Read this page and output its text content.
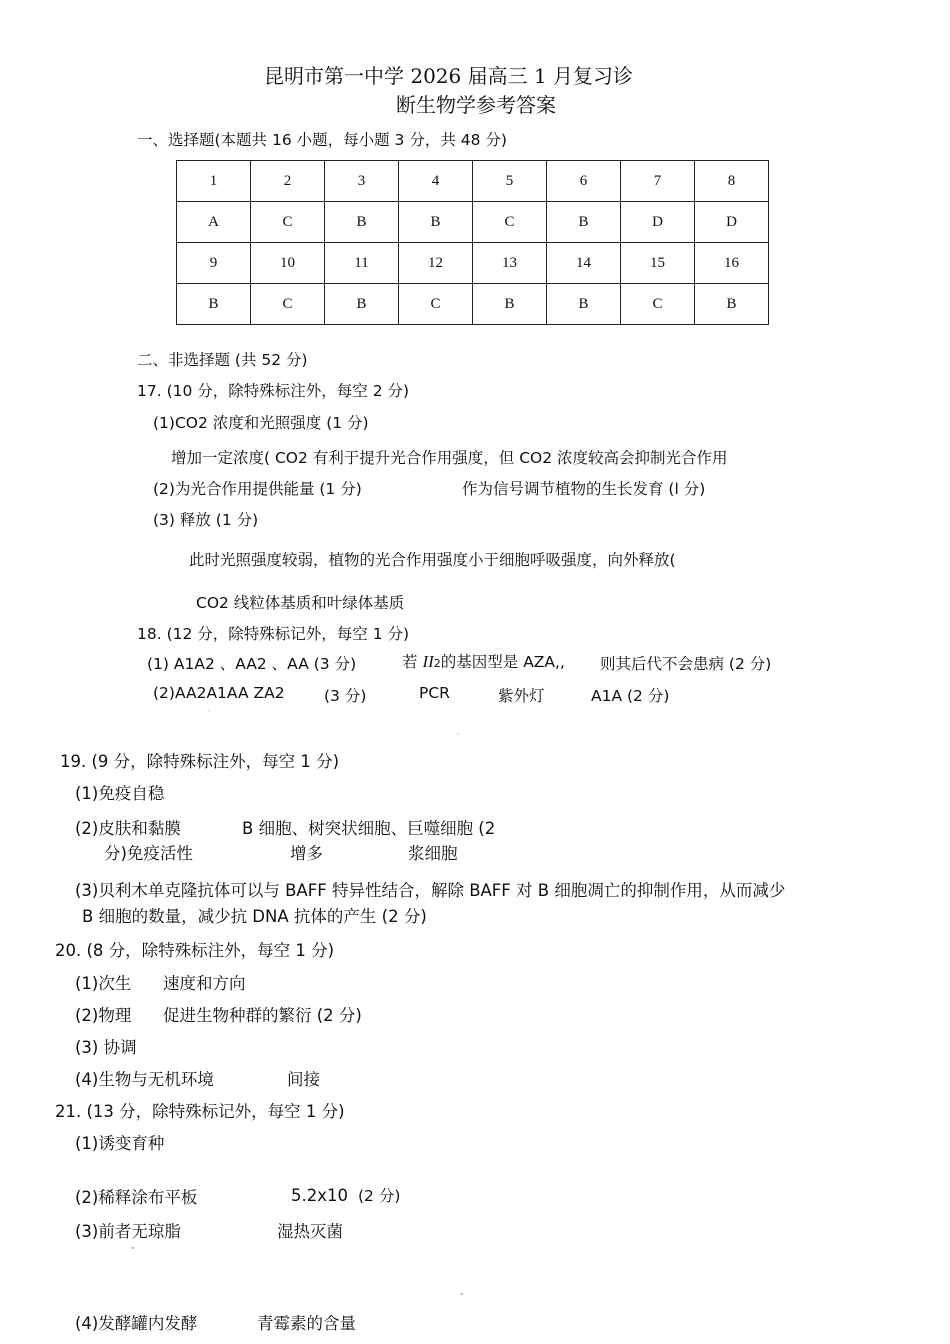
昆明市第一中学 2026 届高三 1 月复习诊
断生物学参考答案
一、选择题(本题共 16 小题，每小题 3 分，共 48 分)
1	2	3	4	5	6	7	8
A	C	B	B	C	B	D	D
9	10	11	12	13	14	15	16
B	C	B	C	B	B	C	B
二、非选择题 (共 52 分)
17. (10 分，除特殊标注外，每空 2 分)
(1)CO2 浓度和光照强度 (1 分)
增加一定浓度( CO2 有利于提升光合作用强度，但 CO2 浓度较高会抑制光合作用
(2)为光合作用提供能量 (1 分)	作为信号调节植物的生长发育 (l 分)
(3) 释放 (1 分)
此时光照强度较弱，植物的光合作用强度小于细胞呼吸强度，向外释放(
CO2 线粒体基质和叶绿体基质
18. (12 分，除特殊标记外，每空 1 分)
(1) A1A2 、AA2 、AA (3 分)	若 II2的基因型是 AZA,, 则其后代不会患病 (2 分)
(2)AA2A1AA ZA2	(3 分)	PCR	紫外灯	A1A (2 分)
˙
.
19. (9 分，除特殊标注外，每空 1 分)
(1)免疫自稳
(2)皮肤和黏膜	B 细胞、树突状细胞、巨噬细胞 (2
分)免疫活性	增多	浆细胞
(3)贝利木单克隆抗体可以与 BAFF 特异性结合，解除 BAFF 对 B 细胞凋亡的抑制作用，从而减少
B 细胞的数量，减少抗 DNA 抗体的产生 (2 分)
20. (8 分，除特殊标注外，每空 1 分)
(1)次生 速度和方向
(2)物理 促进生物种群的繁衍 (2 分)
(3) 协调
(4)生物与无机环境	间接
21. (13 分，除特殊标记外，每空 1 分)
(1)诱变育种
(2)稀释涂布平板	5.2x10 (2 分)
(3)前者无琼脂	湿热灭菌
"
"
(4)发酵罐内发酵	青霉素的含量
